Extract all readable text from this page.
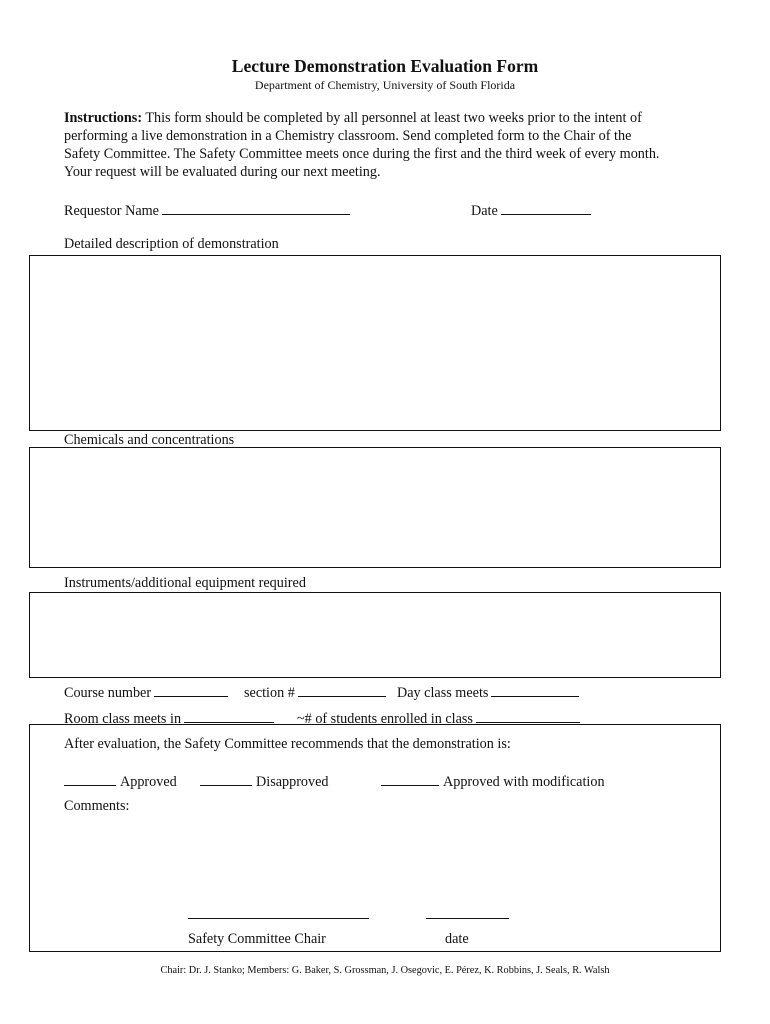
Lecture Demonstration Evaluation Form
Department of Chemistry, University of South Florida
Instructions: This form should be completed by all personnel at least two weeks prior to the intent of
performing a live demonstration in a Chemistry classroom. Send completed form to the Chair of the
Safety Committee. The Safety Committee meets once during the first and the third week of every month.
Your request will be evaluated during our next meeting.
Requestor Name	Date
Detailed description of demonstration
Chemicals and concentrations
Instruments/additional equipment required
Course number	section #	Day class meets
Room class meets in	~# of students enrolled in class
After evaluation, the Safety Committee recommends that the demonstration is:
Approved	Disapproved	Approved with modification
Comments:
Safety Committee Chair	date
Chair: Dr. J. Stanko; Members: G. Baker, S. Grossman, J. Osegovic, E. Pérez, K. Robbins, J. Seals, R. Walsh
